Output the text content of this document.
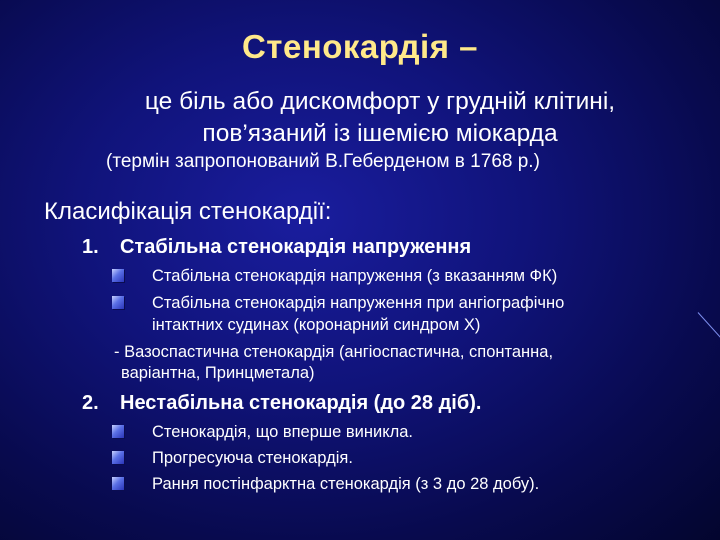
Стенокардія –
це біль або дискомфорт у грудній клітині,
пов’язаний із ішемією міокарда
(термін запропонований В.Геберденом в 1768 р.)
Класифікація стенокардії:
1. Стабільна стенокардія напруження
Стабільна стенокардія напруження (з вказанням ФК)
Стабільна стенокардія напруження при ангіографічно
інтактних судинах (коронарний синдром Х)
- Вазоспастична стенокардія (ангіоспастична, спонтанна,
варіантна, Принцметала)
2. Нестабільна стенокардія (до 28 діб).
Стенокардія, що вперше виникла.
Прогресуюча стенокардія.
Рання постінфарктна стенокардія (з 3 до 28 добу).
